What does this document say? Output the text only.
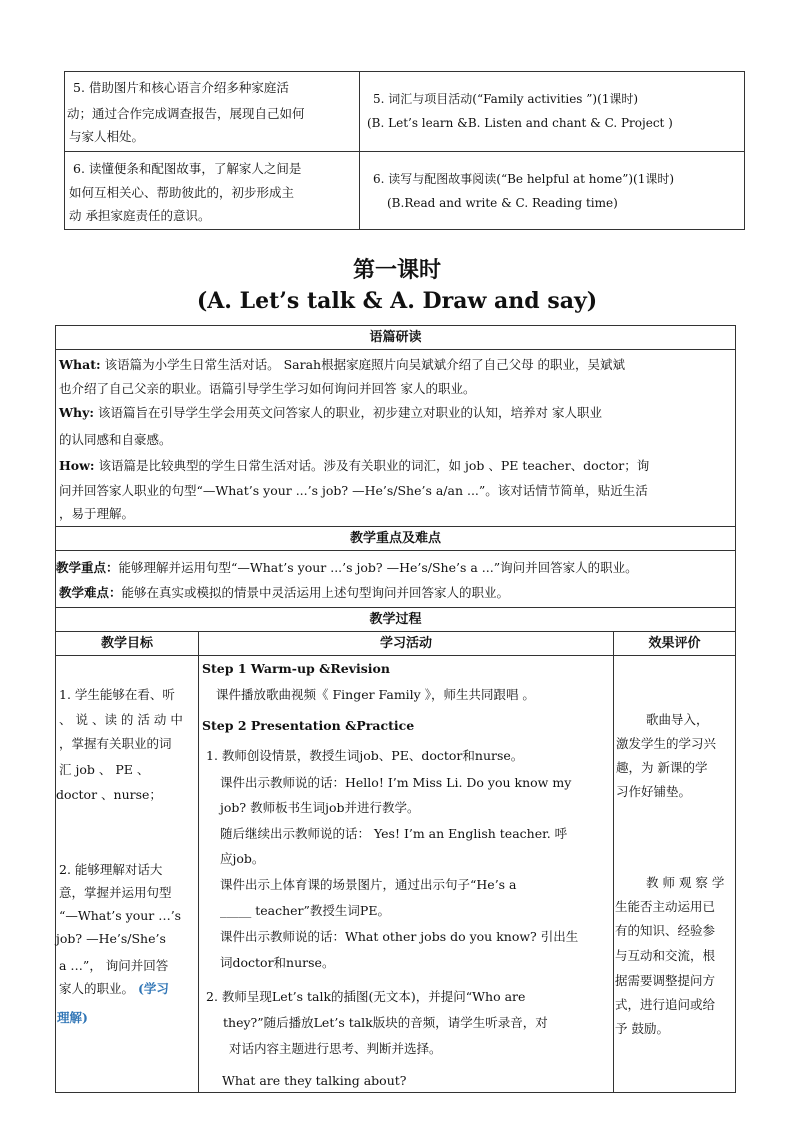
5. 借助图片和核心语言介绍多种家庭活
动；通过合作完成调查报告，展现自己如何
与家人相处。
5. 词汇与项目活动(“Family activities ”)(1课时)
(B. Let’s learn &B. Listen and chant & C. Project )
6. 读懂便条和配图故事，了解家人之间是
如何互相关心、帮助彼此的，初步形成主
动 承担家庭责任的意识。
6. 读写与配图故事阅读(“Be helpful at home”)(1课时)
(B.Read and write & C. Reading time)
第一课时
(A. Let’s talk & A. Draw and say)
语篇研读
What: 该语篇为小学生日常生活对话。 Sarah根据家庭照片向吴斌斌介绍了自己父母 的职业，吴斌斌
也介绍了自己父亲的职业。语篇引导学生学习如何询问并回答 家人的职业。
Why: 该语篇旨在引导学生学会用英文问答家人的职业，初步建立对职业的认知，培养对 家人职业
的认同感和自豪感。
How: 该语篇是比较典型的学生日常生活对话。涉及有关职业的词汇，如 job 、PE teacher、doctor；询
问并回答家人职业的句型“—What’s your ...’s job? —He’s/She’s a/an ...”。该对话情节简单，贴近生活
，易于理解。
教学重点及难点
教学重点：能够理解并运用句型“—What’s your ...’s job? —He’s/She’s a ...”询问并回答家人的职业。
教学难点：能够在真实或模拟的情景中灵活运用上述句型询问并回答家人的职业。
教学过程
教学目标	学习活动	效果评价
1. 学生能够在看、听
、 说 、读 的 活 动 中
，掌握有关职业的词
汇 job 、 PE 、
doctor 、nurse；
2. 能够理解对话大
意，掌握并运用句型
“—What’s your …’s
job? —He’s/She’s
a …”， 询问并回答
家人的职业。 (学习
理解)
Step 1 Warm-up &Revision
课件播放歌曲视频《 Finger Family 》，师生共同跟唱 。
Step 2 Presentation &Practice
1. 教师创设情景，教授生词job、PE、doctor和nurse。
课件出示教师说的话：Hello! I’m Miss Li. Do you know my
job? 教师板书生词job并进行教学。
随后继续出示教师说的话： Yes! I’m an English teacher. 呼
应job。
课件出示上体育课的场景图片，通过出示句子“He’s a
_____ teacher”教授生词PE。
课件出示教师说的话：What other jobs do you know? 引出生
词doctor和nurse。
2. 教师呈现Let’s talk的插图(无文本)，并提问“Who are
they?”随后播放Let’s talk版块的音频，请学生听录音，对
对话内容主题进行思考、判断并选择。
What are they talking about?
歌曲导入，
激发学生的学习兴
趣，为 新课的学
习作好铺垫。
教 师 观 察 学
生能否主动运用已
有的知识、经验参
与互动和交流，根
据需要调整提问方
式，进行追问或给
予 鼓励。
